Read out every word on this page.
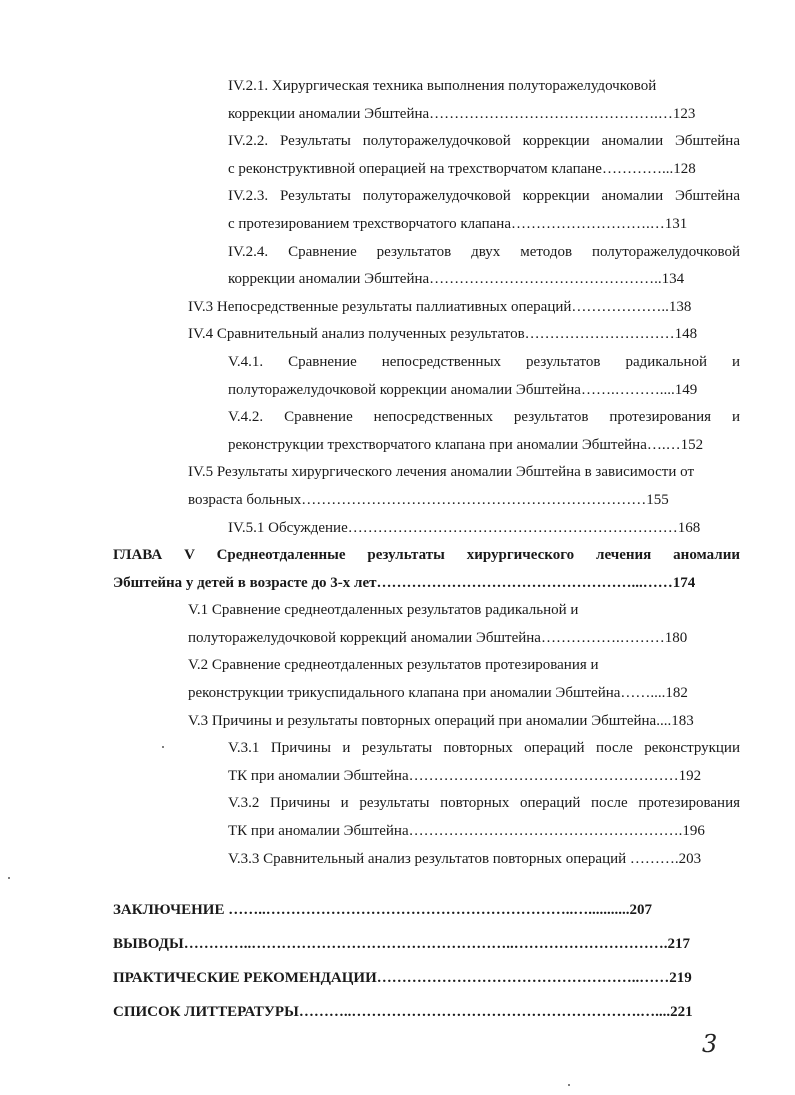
IV.2.1. Хирургическая техника выполнения полуторажелудочковой
коррекции аномалии Эбштейна……………………………………….…123
IV.2.2. Результаты полуторажелудочковой коррекции аномалии Эбштейна
с реконструктивной операцией на трехстворчатом клапане…………...128
IV.2.3. Результаты полуторажелудочковой коррекции аномалии Эбштейна
с протезированием трехстворчатого клапана……………………….…131
IV.2.4. Сравнение результатов двух методов полуторажелудочковой
коррекции аномалии Эбштейна………………………………………..134
IV.3 Непосредственные результаты паллиативных операций………………..138
IV.4 Сравнительный анализ полученных результатов…………………………148
V.4.1. Сравнение непосредственных результатов радикальной и
полуторажелудочковой коррекции аномалии Эбштейна…….………....149
V.4.2. Сравнение непосредственных результатов протезирования и
реконструкции трехстворчатого клапана при аномалии Эбштейна….…152
IV.5 Результаты хирургического лечения аномалии Эбштейна в зависимости от
возраста больных……………………………………………………………155
IV.5.1 Обсуждение…………………………………………………………168
ГЛАВА V Среднеотдаленные результаты хирургического лечения аномалии
Эбштейна у детей в возрасте до 3-х лет……………………………………………...……174
V.1 Сравнение среднеотдаленных результатов радикальной и
полуторажелудочковой коррекций аномалии Эбштейна…………….………180
V.2 Сравнение среднеотдаленных результатов протезирования и
реконструкции трикуспидального клапана при аномалии Эбштейна……....182
V.3 Причины и результаты повторных операций при аномалии Эбштейна....183
V.3.1 Причины и результаты повторных операций после реконструкции
ТК при аномалии Эбштейна………………………………………………192
V.3.2 Причины и результаты повторных операций после протезирования
ТК при аномалии Эбштейна……………………………………………….196
V.3.3 Сравнительный анализ результатов повторных операций ……….203
ЗАКЛЮЧЕНИЕ ……..……………………………………………………..…...........207
ВЫВОДЫ…………..……………………………………………..………………………….217
ПРАКТИЧЕСКИЕ РЕКОМЕНДАЦИИ……………………………………………..……219
СПИСОК ЛИТТЕРАТУРЫ………..………………………………………………….…....221
3
